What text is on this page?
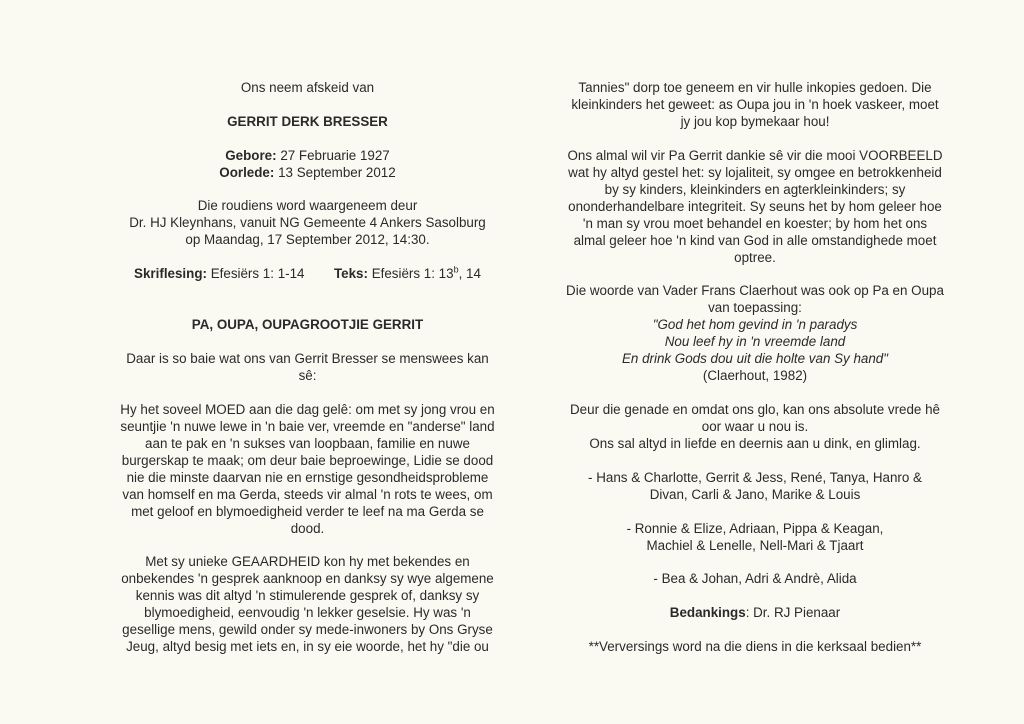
Ons neem afskeid van

GERRIT DERK BRESSER

Gebore: 27 Februarie 1927

Oorlede: 13 September 2012

Die roudiens word waargeneem deur

Dr. HJ Kleynhans, vanuit NG Gemeente 4 Ankers Sasolburg

op Maandag, 17 September 2012, 14:30.

Skriflesing: Efesiërs 1: 1-14 Teks: Efesiërs 1: 13$^b$, 14

PA, OUPA, OUPAGROOTJIE GERRIT

Daar is so baie wat ons van Gerrit Bresser se menswees kan

sê:

Hy het soveel MOED aan die dag gelê: om met sy jong vrou en

seuntjie 'n nuwe lewe in 'n baie ver, vreemde en "anderse" land

aan te pak en 'n sukses van loopbaan, familie en nuwe

burgerskap te maak; om deur baie beproewinge, Lidie se dood

nie die minste daarvan nie en ernstige gesondheidsprobleme

van homself en ma Gerda, steeds vir almal 'n rots te wees, om

met geloof en blymoedigheid verder te leef na ma Gerda se

dood.

Met sy unieke GEAARDHEID kon hy met bekendes en

onbekendes 'n gesprek aanknoop en danksy sy wye algemene

kennis was dit altyd 'n stimulerende gesprek of, danksy sy

blymoedigheid, eenvoudig 'n lekker geselsie. Hy was 'n

gesellige mens, gewild onder sy mede-inwoners by Ons Gryse

Jeug, altyd besig met iets en, in sy eie woorde, het hy "die ou

Tannies" dorp toe geneem en vir hulle inkopies gedoen. Die

kleinkinders het geweet: as Oupa jou in 'n hoek vaskeer, moet

jy jou kop bymekaar hou!

Ons almal wil vir Pa Gerrit dankie sê vir die mooi VOORBEELD

wat hy altyd gestel het: sy lojaliteit, sy omgee en betrokkenheid

by sy kinders, kleinkinders en agterkleinkinders; sy

ononderhandelbare integriteit. Sy seuns het by hom geleer hoe

'n man sy vrou moet behandel en koester; by hom het ons

almal geleer hoe 'n kind van God in alle omstandighede moet

optree.

Die woorde van Vader Frans Claerhout was ook op Pa en Oupa

van toepassing:

"God het hom gevind in 'n paradys

Nou leef hy in 'n vreemde land

En drink Gods dou uit die holte van Sy hand"

(Claerhout, 1982)

Deur die genade en omdat ons glo, kan ons absolute vrede hê

oor waar u nou is.

Ons sal altyd in liefde en deernis aan u dink, en glimlag.

- Hans & Charlotte, Gerrit & Jess, René, Tanya, Hanro &

Divan, Carli & Jano, Marike & Louis

- Ronnie & Elize, Adriaan, Pippa & Keagan,

Machiel & Lenelle, Nell-Mari & Tjaart

- Bea & Johan, Adri & Andrè, Alida

Bedankings: Dr. RJ Pienaar

**Verversings word na die diens in die kerksaal bedien**
